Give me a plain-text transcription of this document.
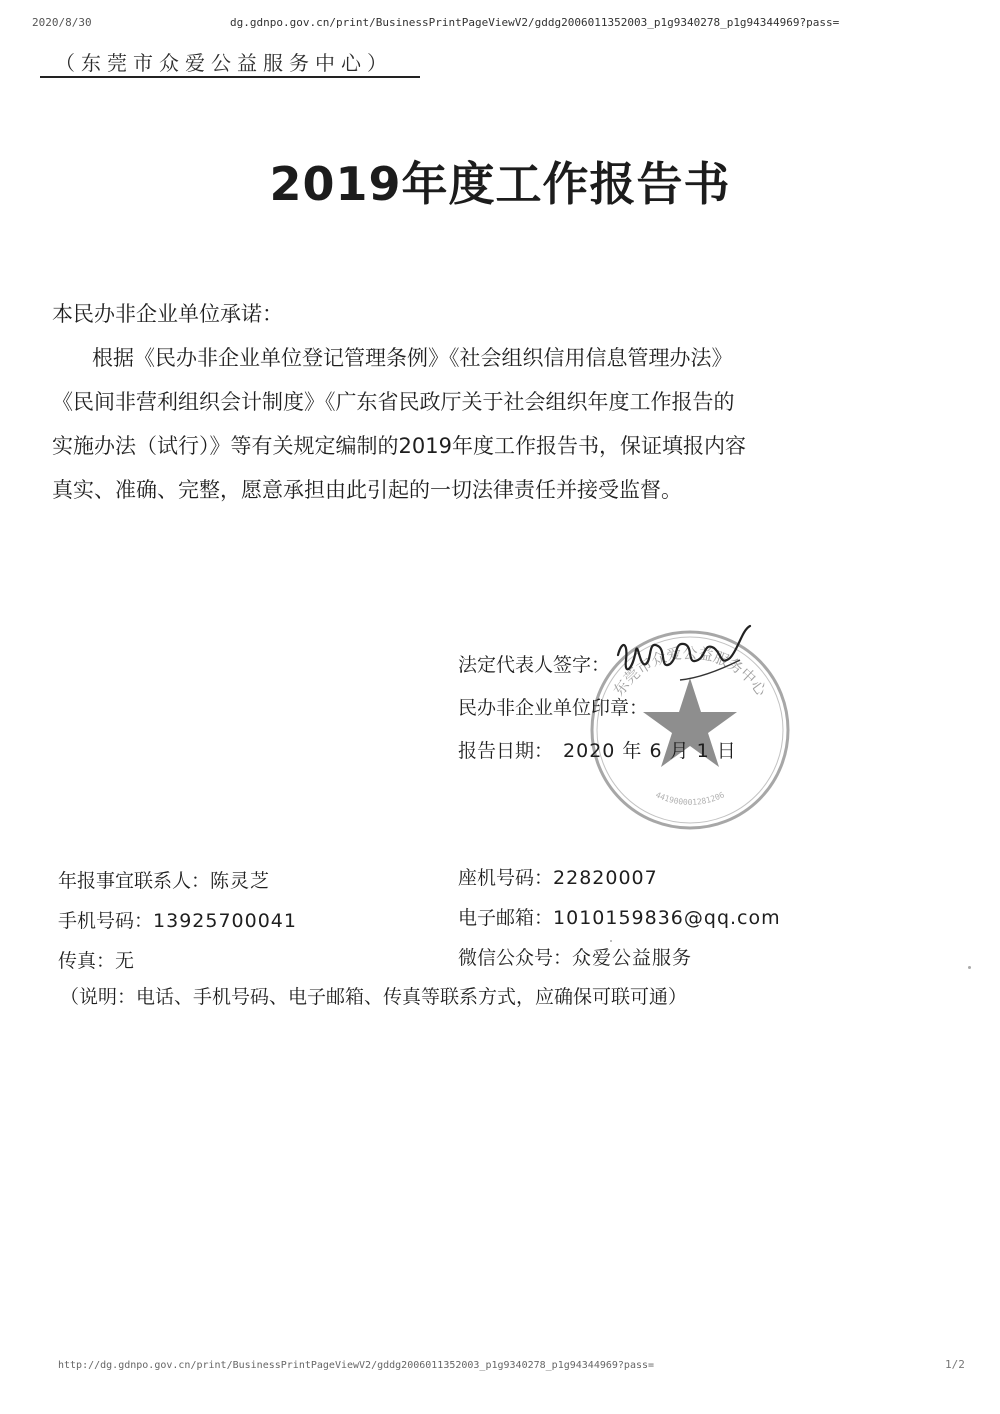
2020/8/30	dg.gdnpo.gov.cn/print/BusinessPrintPageViewV2/gddg2006011352003_p1g9340278_p1g94344969?pass=
（东莞市众爱公益服务中心）
2019年度工作报告书
本民办非企业单位承诺：
根据《民办非企业单位登记管理条例》《社会组织信用信息管理办法》
《民间非营利组织会计制度》《广东省民政厅关于社会组织年度工作报告的
实施办法（试行）》等有关规定编制的2019年度工作报告书，保证填报内容
真实、准确、完整，愿意承担由此引起的一切法律责任并接受监督。
东莞市众爱公益服务中心
441900001281206
法定代表人签字：
民办非企业单位印章：
报告日期： 2020 年 6 月 1 日
年报事宜联系人：陈灵芝	座机号码：22820007
手机号码：13925700041	电子邮箱：1010159836@qq.com
传真：无	微信公众号：众爱公益服务
（说明：电话、手机号码、电子邮箱、传真等联系方式，应确保可联可通）
http://dg.gdnpo.gov.cn/print/BusinessPrintPageViewV2/gddg2006011352003_p1g9340278_p1g94344969?pass=	1/2
